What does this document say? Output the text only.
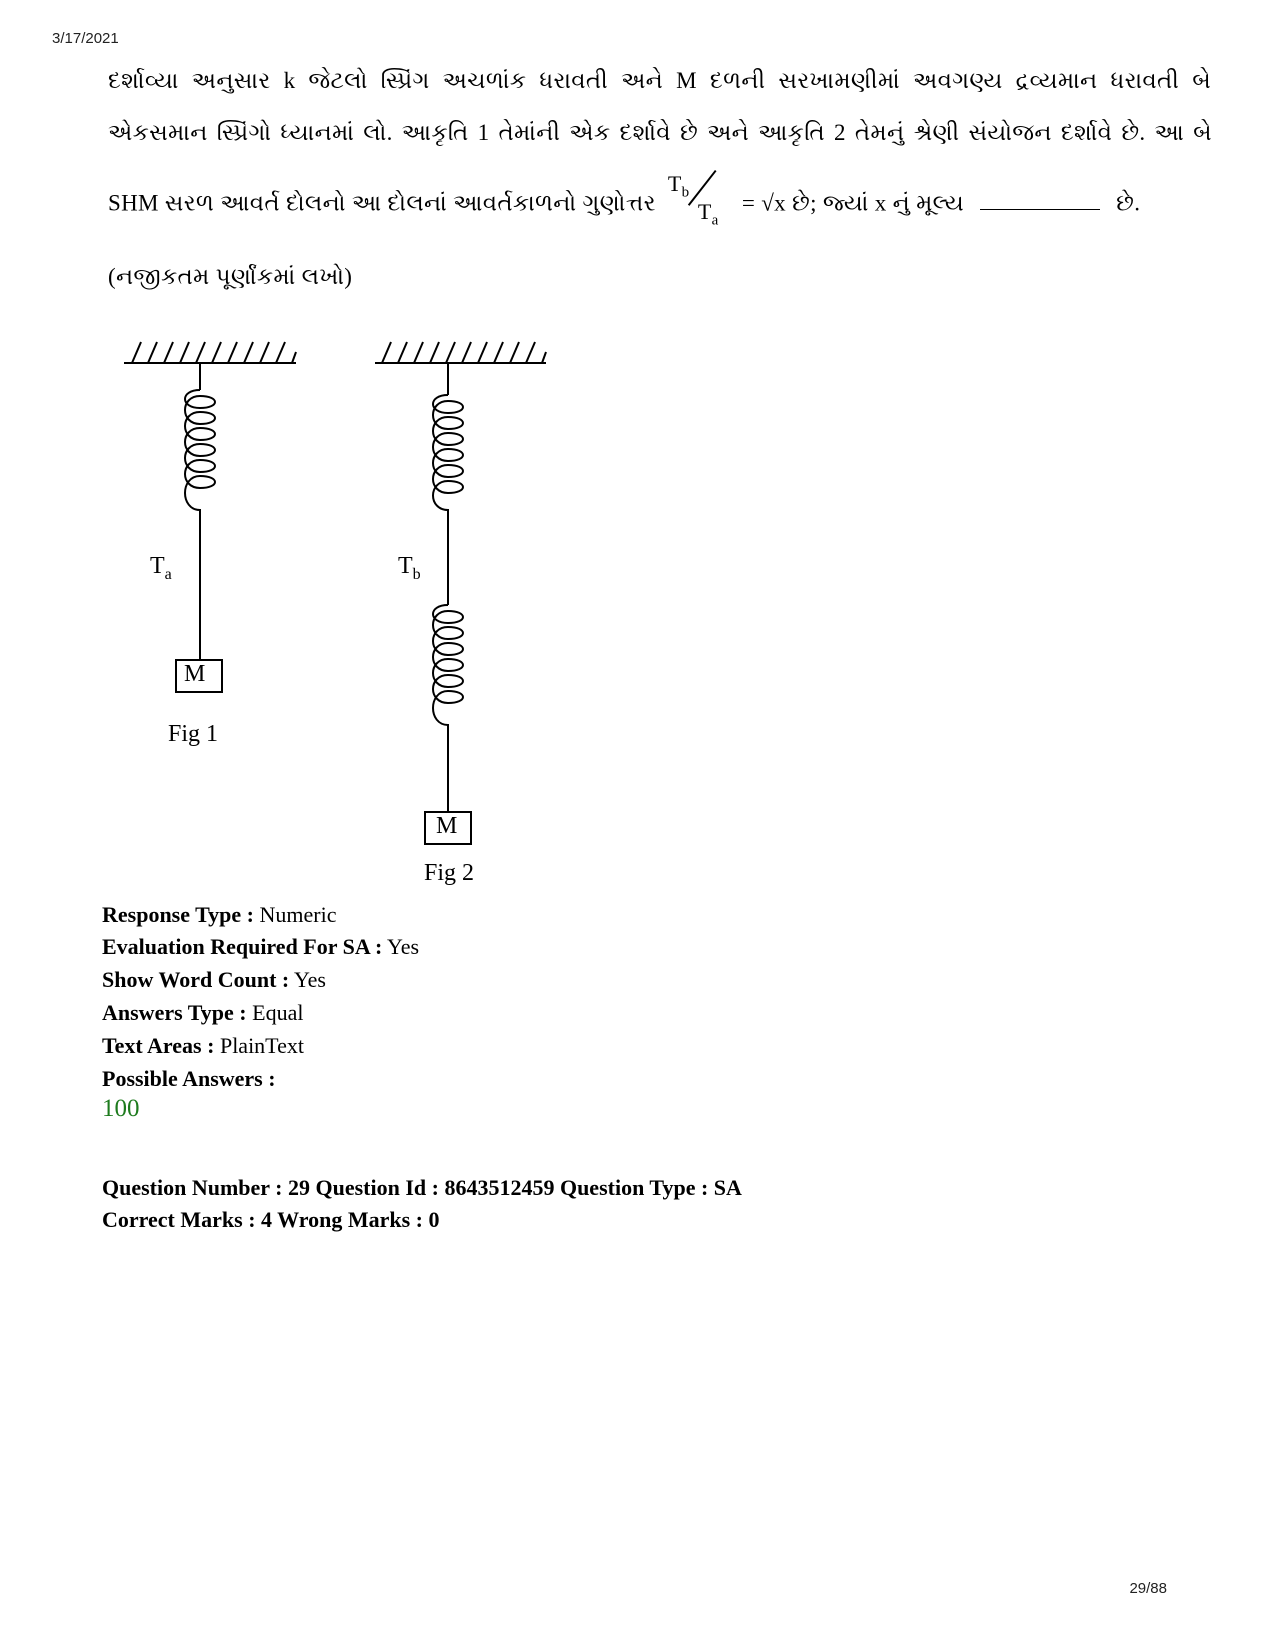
3/17/2021
દર્શાવ્યા અનુસાર k જેટલો સ્પ્રિંગ અચળાંક ધરાવતી અને M દળની સરખામણીમાં અવગણ્ય દ્રવ્યમાન ધરાવતી બે
એકસમાન સ્પ્રિંગો ધ્યાનમાં લો. આકૃતિ 1 તેમાંની એક દર્શાવે છે અને આકૃતિ 2 તેમનું શ્રેણી સંયોજન દર્શાવે છે. આ બે
SHM સરળ આવર્ત દોલનો આ દોલનાં આવર્તકાળનો ગુણોત્તર
$T_b$
$T_a$
= √x છે; જ્યાં x નું મૂલ્ય	છે.
(નજીકતમ પૂર્ણાંકમાં લખો)
$T_a$
M
Fig 1
$T_b$
M
Fig 2
Response Type : Numeric
Evaluation Required For SA : Yes
Show Word Count : Yes
Answers Type : Equal
Text Areas : PlainText
Possible Answers :
100
Question Number : 29 Question Id : 8643512459 Question Type : SA
Correct Marks : 4 Wrong Marks : 0
29/88
